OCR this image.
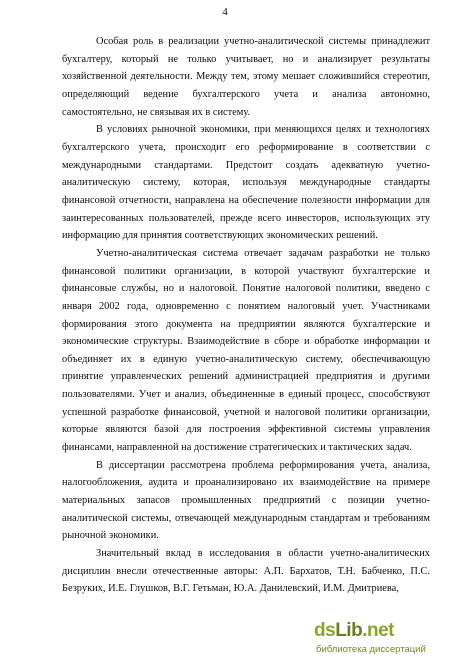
4

Особая роль в реализации учетно-аналитической системы принадлежит бухгалтеру, который не только учитывает, но и анализирует результаты хозяйственной деятельности. Между тем, этому мешает сложившийся стереотип, определяющий ведение бухгалтерского учета и анализа автономно, самостоятельно, не связывая их в систему.

В условиях рыночной экономики, при меняющихся целях и технологиях бухгалтерского учета, происходит его реформирование в соответствии с международными стандартами. Предстоит создать адекватную учетно-аналитическую систему, которая, используя международные стандарты финансовой отчетности, направлена на обеспечение полезности информации для заинтересованных пользователей, прежде всего инвесторов, использующих эту информацию для принятия соответствующих экономических решений.

Учетно-аналитическая система отвечает задачам разработки не только финансовой политики организации, в которой участвуют бухгалтерские и финансовые службы, но и налоговой. Понятие налоговой политики, введено с января 2002 года, одновременно с понятием налоговый учет. Участниками формирования этого документа на предприятии являются бухгалтерские и экономические структуры. Взаимодействие в сборе и обработке информации и объединяет их в единую учетно-аналитическую систему, обеспечивающую принятие управленческих решений администрацией предприятия и другими пользователями. Учет и анализ, объединенные в единый процесс, способствуют успешной разработке финансовой, учетной и налоговой политики организации, которые являются базой для построения эффективной системы управления финансами, направленной на достижение стратегических и тактических задач.

В диссертации рассмотрена проблема реформирования учета, анализа, налогообложения, аудита и проанализировано их взаимодействие на примере материальных запасов промышленных предприятий с позиции учетно-аналитической системы, отвечающей международным стандартам и требованиям рыночной экономики.

Значительный вклад в исследования в области учетно-аналитических дисциплин внесли отечественные авторы: А.П. Бархатов, Т.Н. Бабченко, П.С. Безруких, И.Е. Глушков, В.Г. Гетьман, Ю.А. Данилевский, И.М. Дмитриева,

dsLib.net
библиотека диссертаций
